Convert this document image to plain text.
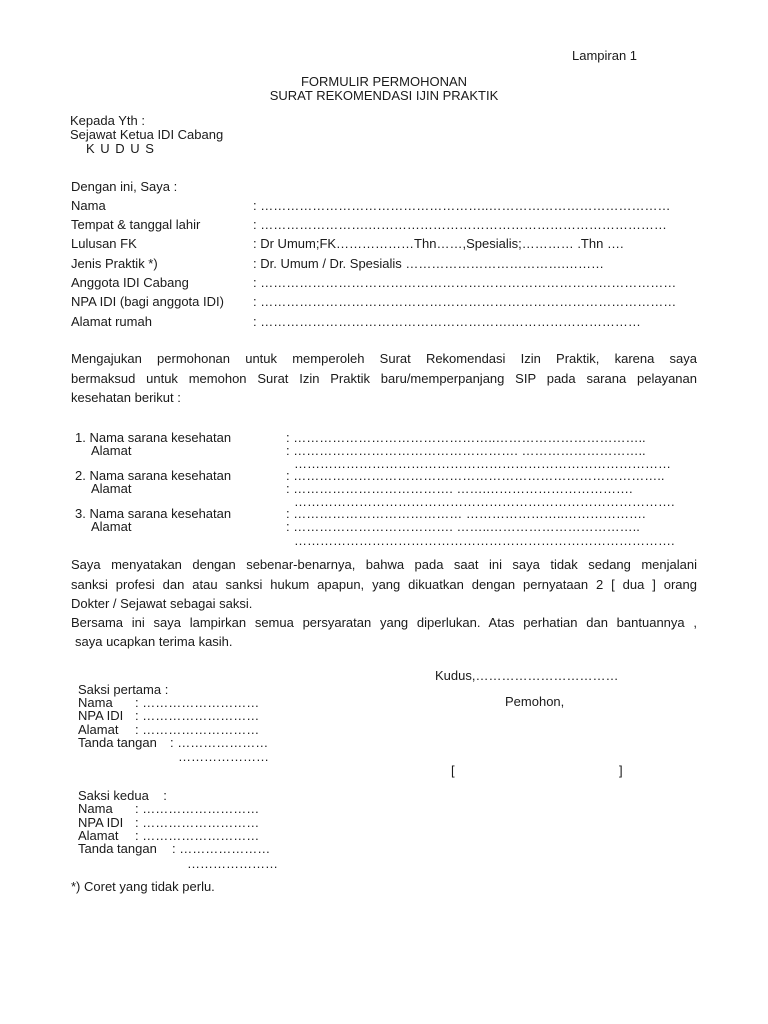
Lampiran 1
FORMULIR PERMOHONAN
SURAT REKOMENDASI IJIN PRAKTIK
Kepada Yth :
Sejawat Ketua IDI Cabang
K U D U S
Dengan ini, Saya :
Nama	: ……………………………………………..……………………………………
Tempat & tanggal lahir	: …………………….……………………………………………………………
Lulusan FK	: Dr Umum;FK………………Thn……,Spesialis;………… .Thn ….
Jenis Praktik *)	: Dr. Umum / Dr. Spesialis ……………………………….………
Anggota IDI Cabang	: ……………………………………………………………………………………
NPA IDI (bagi anggota IDI) : ……………………………………………………………………………………
Alamat rumah	: ………………………………………………….…………………………
Mengajukan permohonan untuk memperoleh Surat Rekomendasi Izin Praktik, karena saya
bermaksud untuk memohon Surat Izin Praktik baru/memperpanjang SIP pada sarana pelayanan
kesehatan berikut :
1. Nama sarana kesehatan	: ………………………………………..……………………………..
Alamat	: ……………………………………………. ………………………..
……………………………………………………………………………
2. Nama sarana kesehatan	: …………………………………………………………………………..
Alamat	: ………………………………. …….…………………………….
…………………………………………………………………………….
3. Nama sarana kesehatan	: ………………………………… …………………..……………….
Alamat	: ………………………………. ……..……………………………..
…………………………………………………………………………….
Saya menyatakan dengan sebenar-benarnya, bahwa pada saat ini saya tidak sedang menjalani
sanksi profesi dan atau sanksi hukum apapun, yang dikuatkan dengan pernyataan 2 [ dua ] orang
Dokter / Sejawat sebagai saksi.
Bersama ini saya lampirkan semua persyaratan yang diperlukan. Atas perhatian dan bantuannya ,
saya ucapkan terima kasih.
Kudus,……………………………
Pemohon,
[	]
Saksi pertama :
Nama : ………………………
NPA IDI : ………………………
Alamat : ………………………
Tanda tangan : …………………
…………………
Saksi kedua    :
Nama : ………………………
NPA IDI : ………………………
Alamat : ………………………
Tanda tangan : …………………
…………………
*) Coret yang tidak perlu.
